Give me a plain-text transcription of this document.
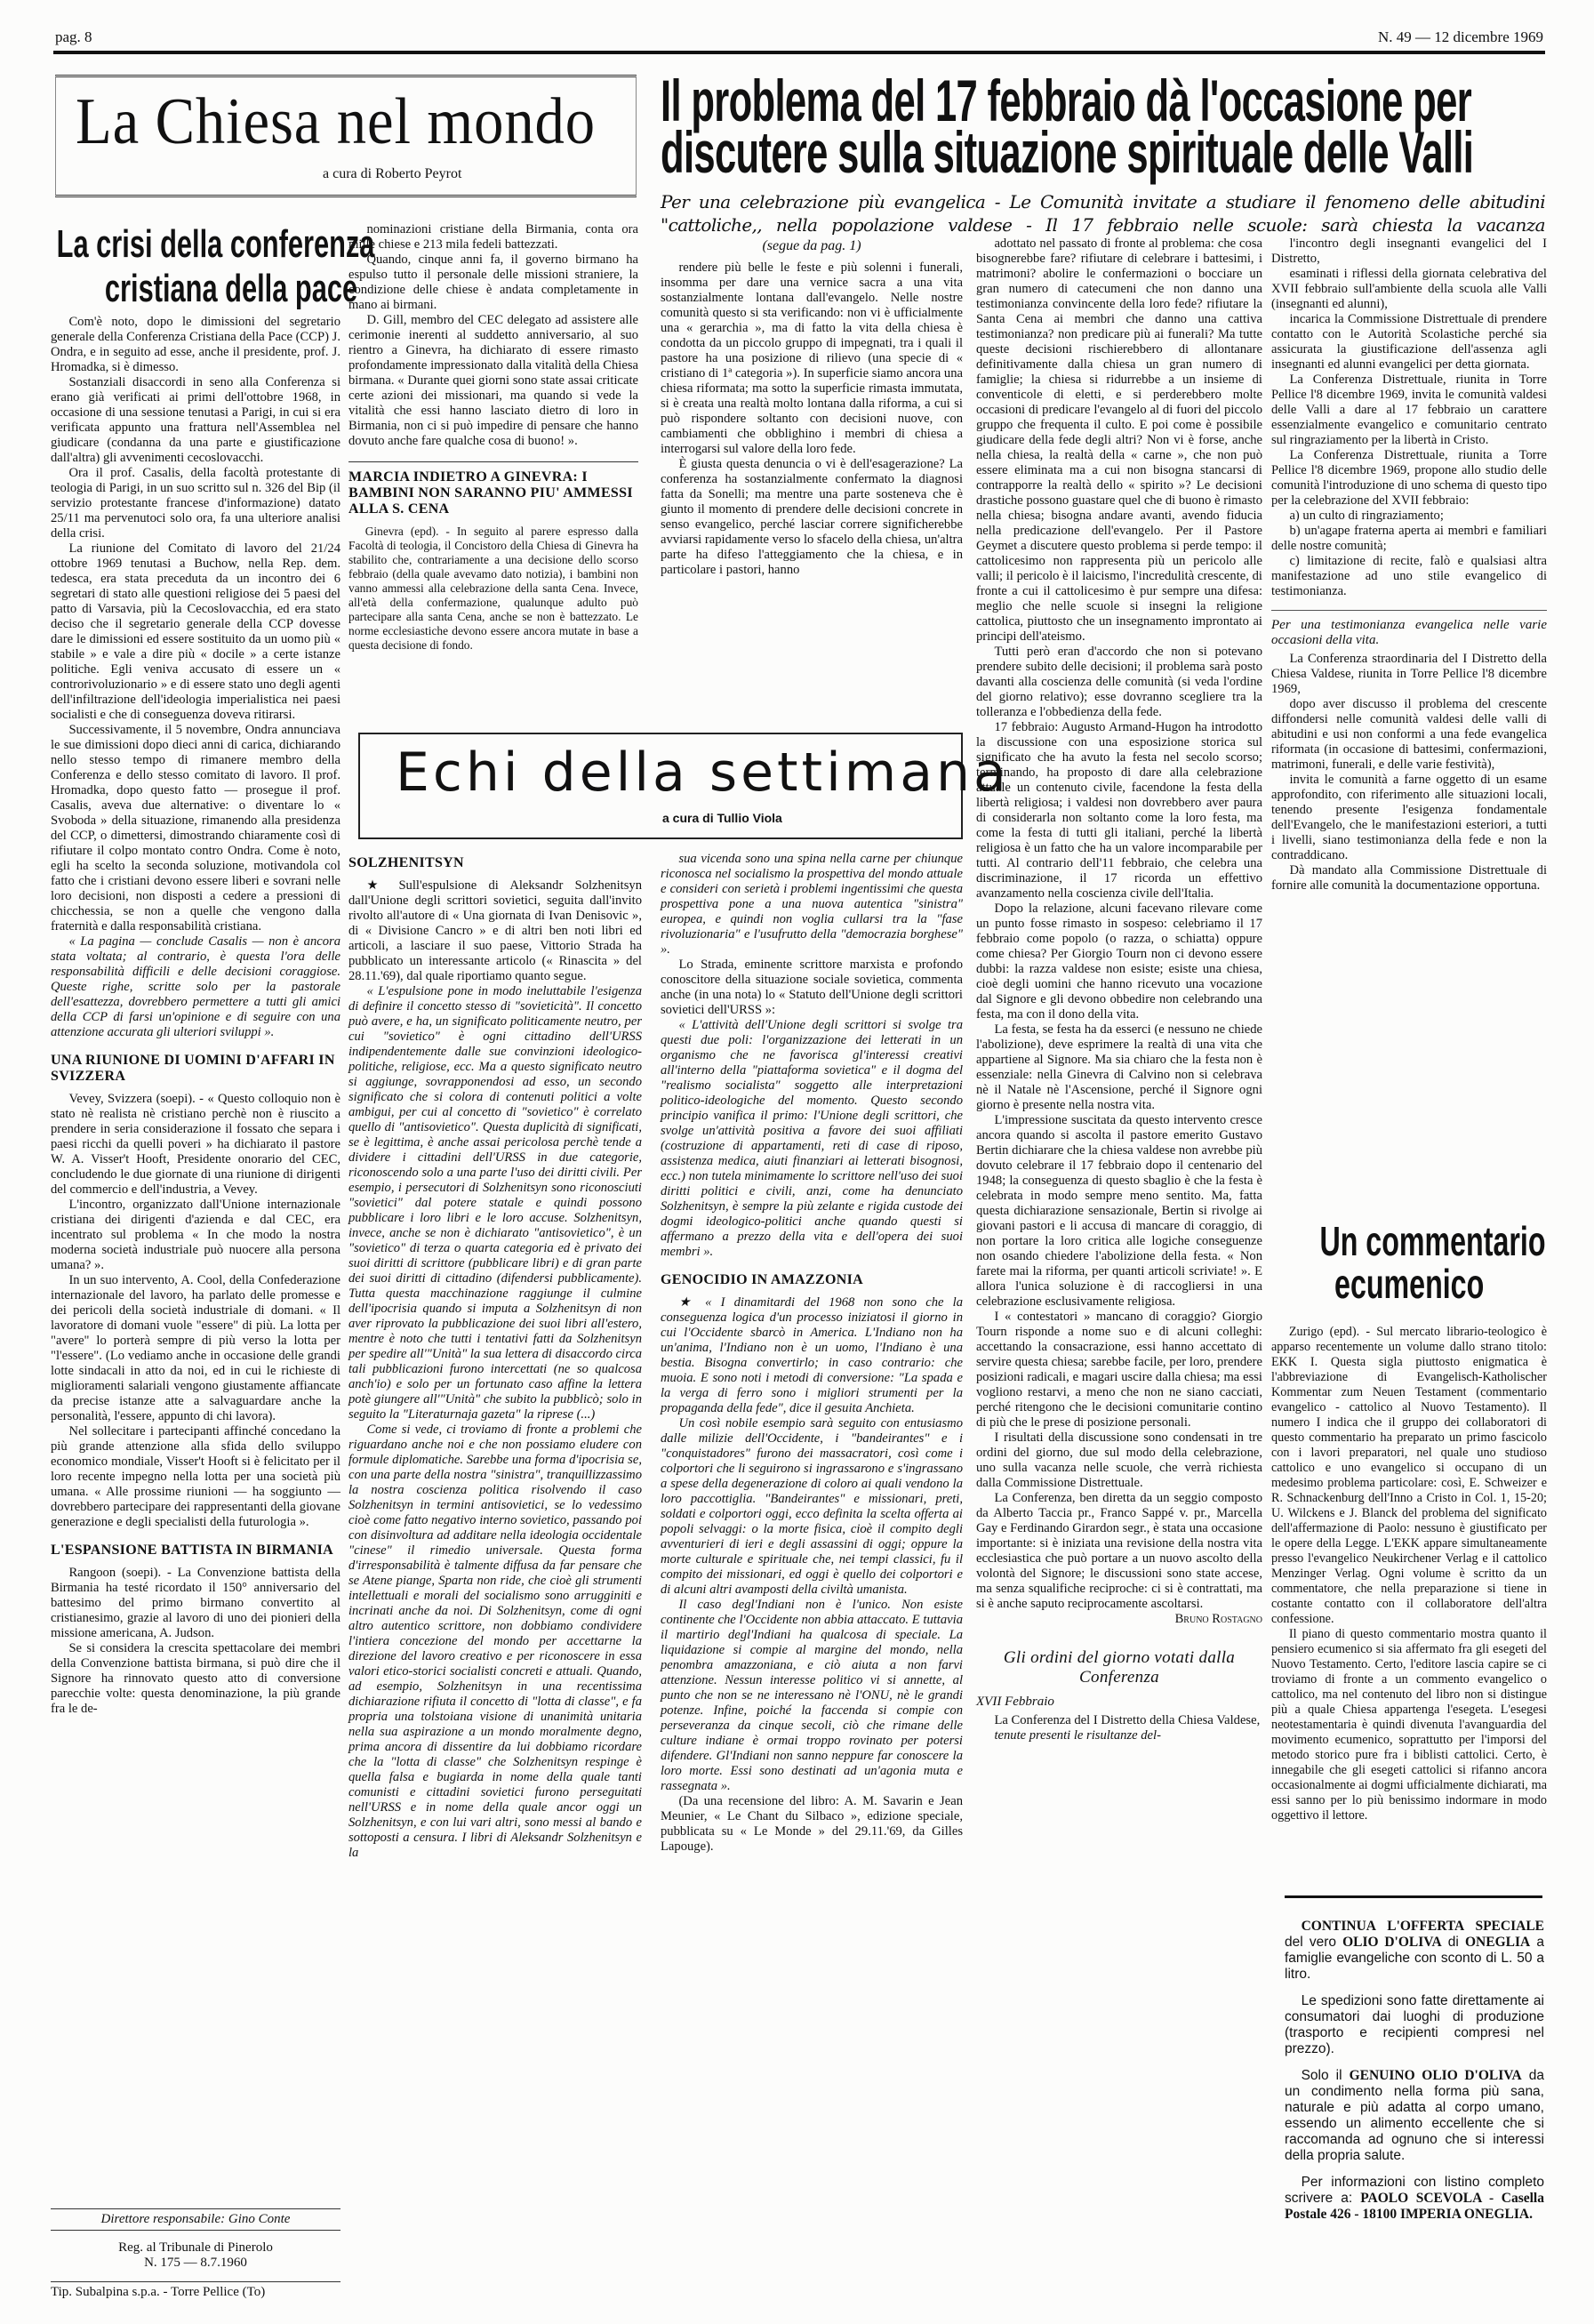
pag. 8	N. 49 — 12 dicembre 1969
La Chiesa nel mondo
a cura di Roberto Peyrot
Il problema del 17 febbraio dà l'occasione per
discutere sulla situazione spirituale delle Valli
Per una celebrazione più evangelica - Le Comunità invitate a studiare il fenomeno delle abitudini "cattoliche,, nella popolazione valdese - Il 17 febbraio nelle scuole: sarà chiesta la vacanza
La crisi della conferenza
cristiana della pace

Com'è noto, dopo le dimissioni del segretario generale della Conferenza Cristiana della Pace (CCP) J. Ondra, e in seguito ad esse, anche il presidente, prof. J. Hromadka, si è dimesso.

Sostanziali disaccordi in seno alla Conferenza si erano già verificati ai primi dell'ottobre 1968, in occasione di una sessione tenutasi a Parigi, in cui si era verificata appunto una frattura nell'Assemblea nel giudicare (condanna da una parte e giustificazione dall'altra) gli avvenimenti cecoslovacchi.

Ora il prof. Casalis, della facoltà protestante di teologia di Parigi, in un suo scritto sul n. 326 del Bip (il servizio protestante francese d'informazione) datato 25/11 ma pervenutoci solo ora, fa una ulteriore analisi della crisi.

La riunione del Comitato di lavoro del 21/24 ottobre 1969 tenutasi a Buchow, nella Rep. dem. tedesca, era stata preceduta da un incontro dei 6 segretari di stato alle questioni religiose dei 5 paesi del patto di Varsavia, più la Cecoslovacchia, ed era stato deciso che il segretario generale della CCP dovesse dare le dimissioni ed essere sostituito da un uomo più « stabile » e vale a dire più « docile » a certe istanze politiche. Egli veniva accusato di essere un « controrivoluzionario » e di essere stato uno degli agenti dell'infiltrazione dell'ideologia imperialistica nei paesi socialisti e che di conseguenza doveva ritirarsi.

Successivamente, il 5 novembre, Ondra annunciava le sue dimissioni dopo dieci anni di carica, dichiarando nello stesso tempo di rimanere membro della Conferenza e dello stesso comitato di lavoro. Il prof. Hromadka, dopo questo fatto — prosegue il prof. Casalis, aveva due alternative: o diventare lo « Svoboda » della situazione, rimanendo alla presidenza del CCP, o dimettersi, dimostrando chiaramente così di rifiutare il colpo montato contro Ondra. Come è noto, egli ha scelto la seconda soluzione, motivandola col fatto che i cristiani devono essere liberi e sovrani nelle loro decisioni, non disposti a cedere a pressioni di chicchessia, se non a quelle che vengono dalla fraternità e dalla responsabilità cristiana.

« La pagina — conclude Casalis — non è ancora stata voltata; al contrario, è questa l'ora delle responsabilità difficili e delle decisioni coraggiose. Queste righe, scritte solo per la pastorale dell'esattezza, dovrebbero permettere a tutti gli amici della CCP di farsi un'opinione e di seguire con una attenzione accurata gli ulteriori sviluppi ».

UNA RIUNIONE DI UOMINI D'AFFARI IN SVIZZERA

Vevey, Svizzera (soepi). - « Questo colloquio non è stato nè realista nè cristiano perchè non è riuscito a prendere in seria considerazione il fossato che separa i paesi ricchi da quelli poveri » ha dichiarato il pastore W. A. Visser't Hooft, Presidente onorario del CEC, concludendo le due giornate di una riunione di dirigenti del commercio e dell'industria, a Vevey.

L'incontro, organizzato dall'Unione internazionale cristiana dei dirigenti d'azienda e dal CEC, era incentrato sul problema « In che modo la nostra moderna società industriale può nuocere alla persona umana? ».

In un suo intervento, A. Cool, della Confederazione internazionale del lavoro, ha parlato delle promesse e dei pericoli della società industriale di domani. « Il lavoratore di domani vuole "essere" di più. La lotta per "avere" lo porterà sempre di più verso la lotta per "l'essere". (Lo vediamo anche in occasione delle grandi lotte sindacali in atto da noi, ed in cui le richieste di miglioramenti salariali vengono giustamente affiancate da precise istanze atte a salvaguardare anche la personalità, l'essere, appunto di chi lavora).

Nel sollecitare i partecipanti affinché concedano la più grande attenzione alla sfida dello sviluppo economico mondiale, Visser't Hooft si è felicitato per il loro recente impegno nella lotta per una società più umana. « Alle prossime riunioni — ha soggiunto — dovrebbero partecipare dei rappresentanti della giovane generazione e degli specialisti della futurologia ».

L'ESPANSIONE BATTISTA IN BIRMANIA

Rangoon (soepi). - La Convenzione battista della Birmania ha testé ricordato il 150° anniversario del battesimo del primo birmano convertito al cristianesimo, grazie al lavoro di uno dei pionieri della missione americana, A. Judson.

Se si considera la crescita spettacolare dei membri della Convenzione battista birmana, si può dire che il Signore ha rinnovato questo atto di conversione parecchie volte: questa denominazione, la più grande fra le de-

Direttore responsabile: Gino Conte
Reg. al Tribunale di Pinerolo
N. 175 — 8.7.1960
Tip. Subalpina s.p.a. - Torre Pellice (To)

nominazioni cristiane della Birmania, conta ora mille chiese e 213 mila fedeli battezzati.

Quando, cinque anni fa, il governo birmano ha espulso tutto il personale delle missioni straniere, la condizione delle chiese è andata completamente in mano ai birmani.

D. Gill, membro del CEC delegato ad assistere alle cerimonie inerenti al suddetto anniversario, al suo rientro a Ginevra, ha dichiarato di essere rimasto profondamente impressionato dalla vitalità della Chiesa birmana. « Durante quei giorni sono state assai criticate certe azioni dei missionari, ma quando si vede la vitalità che essi hanno lasciato dietro di loro in Birmania, non ci si può impedire di pensare che hanno dovuto anche fare qualche cosa di buono! ».

MARCIA INDIETRO A GINEVRA: I BAMBINI NON SARANNO PIU' AMMESSI ALLA S. CENA

Ginevra (epd). - In seguito al parere espresso dalla Facoltà di teologia, il Concistoro della Chiesa di Ginevra ha stabilito che, contrariamente a una decisione dello scorso febbraio (della quale avevamo dato notizia), i bambini non vanno ammessi alla celebrazione della santa Cena. Invece, all'età della confermazione, qualunque adulto può partecipare alla santa Cena, anche se non è battezzato. Le norme ecclesiastiche devono essere ancora mutate in base a questa decisione di fondo.

Echi della settimana
a cura di Tullio Viola
SOLZHENITSYN

★ Sull'espulsione di Aleksandr Solzhenitsyn dall'Unione degli scrittori sovietici, seguita dall'invito rivolto all'autore di « Una giornata di Ivan Denisovic », di « Divisione Cancro » e di altri ben noti libri ed articoli, a lasciare il suo paese, Vittorio Strada ha pubblicato un interessante articolo (« Rinascita » del 28.11.'69), dal quale riportiamo quanto segue.

« L'espulsione pone in modo ineluttabile l'esigenza di definire il concetto stesso di "sovieticità". Il concetto può avere, e ha, un significato politicamente neutro, per cui "sovietico" è ogni cittadino dell'URSS indipendentemente dalle sue convinzioni ideologico-politiche, religiose, ecc. Ma a questo significato neutro si aggiunge, sovrapponendosi ad esso, un secondo significato che si colora di contenuti politici a volte ambigui, per cui al concetto di "sovietico" è correlato quello di "antisovietico". Questa duplicità di significati, se è legittima, è anche assai pericolosa perchè tende a dividere i cittadini dell'URSS in due categorie, riconoscendo solo a una parte l'uso dei diritti civili. Per esempio, i persecutori di Solzhenitsyn sono riconosciuti "sovietici" dal potere statale e quindi possono pubblicare i loro libri e le loro accuse. Solzhenitsyn, invece, anche se non è dichiarato "antisovietico", è un "sovietico" di terza o quarta categoria ed è privato dei suoi diritti di scrittore (pubblicare libri) e di gran parte dei suoi diritti di cittadino (difendersi pubblicamente). Tutta questa macchinazione raggiunge il culmine dell'ipocrisia quando si imputa a Solzhenitsyn di non aver riprovato la pubblicazione dei suoi libri all'estero, mentre è noto che tutti i tentativi fatti da Solzhenitsyn per spedire all'"Unità" la sua lettera di disaccordo circa tali pubblicazioni furono intercettati (ne so qualcosa anch'io) e solo per un fortunato caso affine la lettera potè giungere all'"Unità" che subito la pubblicò; solo in seguito la "Literaturnaja gazeta" la riprese (...)

Come si vede, ci troviamo di fronte a problemi che riguardano anche noi e che non possiamo eludere con formule diplomatiche. Sarebbe una forma d'ipocrisia se, con una parte della nostra "sinistra", tranquillizzassimo la nostra coscienza politica risolvendo il caso Solzhenitsyn in termini antisovietici, se lo vedessimo cioè come fatto negativo interno sovietico, passando poi con disinvoltura ad additare nella ideologia occidentale "cinese" il rimedio universale. Questa forma d'irresponsabilità è talmente diffusa da far pensare che se Atene piange, Sparta non ride, che cioè gli strumenti intellettuali e morali del socialismo sono arrugginiti e incrinati anche da noi. Di Solzhenitsyn, come di ogni altro autentico scrittore, non dobbiamo condividere l'intiera concezione del mondo per accettarne la direzione del lavoro creativo e per riconoscere in essa valori etico-storici socialisti concreti e attuali. Quando, ad esempio, Solzhenitsyn in una recentissima dichiarazione rifiuta il concetto di "lotta di classe", e fa propria una tolstoiana visione di unanimità unitaria nella sua aspirazione a un mondo moralmente degno, prima ancora di dissentire da lui dobbiamo ricordare che la "lotta di classe" che Solzhenitsyn respinge è quella falsa e bugiarda in nome della quale tanti comunisti e cittadini sovietici furono perseguitati nell'URSS e in nome della quale ancor oggi un Solzhenitsyn, e con lui vari altri, sono messi al bando e sottoposti a censura. I libri di Aleksandr Solzhenitsyn e la

(segue da pag. 1)

rendere più belle le feste e più solenni i funerali, insomma per dare una vernice sacra a una vita sostanzialmente lontana dall'evangelo. Nelle nostre comunità questo si sta verificando: non vi è ufficialmente una « gerarchia », ma di fatto la vita della chiesa è condotta da un piccolo gruppo di impegnati, tra i quali il pastore ha una posizione di rilievo (una specie di « cristiano di 1ª categoria »). In superficie siamo ancora una chiesa riformata; ma sotto la superficie rimasta immutata, si è creata una realtà molto lontana dalla riforma, a cui si può rispondere soltanto con decisioni nuove, con cambiamenti che obblighino i membri di chiesa a interrogarsi sul valore della loro fede.

È giusta questa denuncia o vi è dell'esagerazione? La conferenza ha sostanzialmente confermato la diagnosi fatta da Sonelli; ma mentre una parte sosteneva che è giunto il momento di prendere delle decisioni concrete in senso evangelico, perché lasciar correre significherebbe avviarsi rapidamente verso lo sfacelo della chiesa, un'altra parte ha difeso l'atteggiamento che la chiesa, e in particolare i pastori, hanno

sua vicenda sono una spina nella carne per chiunque riconosca nel socialismo la prospettiva del mondo attuale e consideri con serietà i problemi ingentissimi che questa prospettiva pone a una nuova autentica "sinistra" europea, e quindi non voglia cullarsi tra la "fase rivoluzionaria" e l'usufrutto della "democrazia borghese" ».

Lo Strada, eminente scrittore marxista e profondo conoscitore della situazione sociale sovietica, commenta anche (in una nota) lo « Statuto dell'Unione degli scrittori sovietici dell'URSS »:

« L'attività dell'Unione degli scrittori si svolge tra questi due poli: l'organizzazione dei letterati in un organismo che ne favorisca gl'interessi creativi all'interno della "piattaforma sovietica" e il dogma del "realismo socialista" soggetto alle interpretazioni politico-ideologiche del momento. Questo secondo principio vanifica il primo: l'Unione degli scrittori, che svolge un'attività positiva a favore dei suoi affiliati (costruzione di appartamenti, reti di case di riposo, assistenza medica, aiuti finanziari ai letterati bisognosi, ecc.) non tutela minimamente lo scrittore nell'uso dei suoi diritti politici e civili, anzi, come ha denunciato Solzhenitsyn, è sempre la più zelante e rigida custode dei dogmi ideologico-politici anche quando questi si affermano a prezzo della vita e dell'opera dei suoi membri ».

GENOCIDIO IN AMAZZONIA

★ « I dinamitardi del 1968 non sono che la conseguenza logica d'un processo iniziatosi il giorno in cui l'Occidente sbarcò in America. L'Indiano non ha un'anima, l'Indiano non è un uomo, l'Indiano è una bestia. Bisogna convertirlo; in caso contrario: che muoia. E sono noti i metodi di conversione: "La spada e la verga di ferro sono i migliori strumenti per la propaganda della fede", dice il gesuita Anchieta.

Un così nobile esempio sarà seguito con entusiasmo dalle milizie dell'Occidente, i "bandeirantes" e i "conquistadores" furono dei massacratori, così come i colportori che li seguirono si ingrassarono e s'ingrassano a spese della degenerazione di coloro ai quali vendono la loro paccottiglia. "Bandeirantes" e missionari, preti, soldati e colportori oggi, ecco definita la scelta offerta ai popoli selvaggi: o la morte fisica, cioè il compito degli avventurieri di ieri e degli assassini di oggi; oppure la morte culturale e spirituale che, nei tempi classici, fu il compito dei missionari, ed oggi è quello dei colportori e di alcuni altri avamposti della civiltà umanista.

Il caso degl'Indiani non è l'unico. Non esiste continente che l'Occidente non abbia attaccato. E tuttavia il martirio degl'Indiani ha qualcosa di speciale. La liquidazione si compie al margine del mondo, nella penombra amazzoniana, e ciò aiuta a non farvi attenzione. Nessun interesse politico vi si annette, al punto che non se ne interessano nè l'ONU, nè le grandi potenze. Infine, poiché la faccenda si compie con perseveranza da cinque secoli, ciò che rimane delle culture indiane è ormai troppo rovinato per potersi difendere. Gl'Indiani non sanno neppure far conoscere la loro morte. Essi sono destinati ad un'agonia muta e rassegnata ».

(Da una recensione del libro: A. M. Savarin e Jean Meunier, « Le Chant du Silbaco », edizione speciale, pubblicata su « Le Monde » del 29.11.'69, da Gilles Lapouge).

adottato nel passato di fronte al problema: che cosa bisognerebbe fare? rifiutare di celebrare i battesimi, i matrimoni? abolire le confermazioni o bocciare un gran numero di catecumeni che non danno una testimonianza convincente della loro fede? rifiutare la Santa Cena ai membri che danno una cattiva testimonianza? non predicare più ai funerali? Ma tutte queste decisioni rischierebbero di allontanare definitivamente dalla chiesa un gran numero di famiglie; la chiesa si ridurrebbe a un insieme di conventicole di eletti, e si perderebbero molte occasioni di predicare l'evangelo al di fuori del piccolo gruppo che frequenta il culto. E poi come è possibile giudicare della fede degli altri? Non vi è forse, anche nella chiesa, la realtà della « carne », che non può essere eliminata ma a cui non bisogna stancarsi di contrapporre la realtà dello « spirito »? Le decisioni drastiche possono guastare quel che di buono è rimasto nella chiesa; bisogna andare avanti, avendo fiducia nella predicazione dell'evangelo. Per il Pastore Geymet a discutere questo problema si perde tempo: il cattolicesimo non rappresenta più un pericolo alle valli; il pericolo è il laicismo, l'incredulità crescente, di fronte a cui il cattolicesimo è pur sempre una difesa: meglio che nelle scuole si insegni la religione cattolica, piuttosto che un insegnamento improntato ai principi dell'ateismo.

Tutti però eran d'accordo che non si potevano prendere subito delle decisioni; il problema sarà posto davanti alla coscienza delle comunità (si veda l'ordine del giorno relativo); esse dovranno scegliere tra la tolleranza e l'obbedienza della fede.

17 febbraio: Augusto Armand-Hugon ha introdotto la discussione con una esposizione storica sul significato che ha avuto la festa nel secolo scorso; terminando, ha proposto di dare alla celebrazione attuale un contenuto civile, facendone la festa della libertà religiosa; i valdesi non dovrebbero aver paura di considerarla non soltanto come la loro festa, ma come la festa di tutti gli italiani, perché la libertà religiosa è un fatto che ha un valore incomparabile per tutti. Al contrario dell'11 febbraio, che celebra una discriminazione, il 17 ricorda un effettivo avanzamento nella coscienza civile dell'Italia.

Dopo la relazione, alcuni facevano rilevare come un punto fosse rimasto in sospeso: celebriamo il 17 febbraio come popolo (o razza, o schiatta) oppure come chiesa? Per Giorgio Tourn non ci devono essere dubbi: la razza valdese non esiste; esiste una chiesa, cioè degli uomini che hanno ricevuto una vocazione dal Signore e gli devono obbedire non celebrando una festa, ma con il dono della vita.

La festa, se festa ha da esserci (e nessuno ne chiede l'abolizione), deve esprimere la realtà di una vita che appartiene al Signore. Ma sia chiaro che la festa non è essenziale: nella Ginevra di Calvino non si celebrava nè il Natale nè l'Ascensione, perché il Signore ogni giorno è presente nella nostra vita.

L'impressione suscitata da questo intervento cresce ancora quando si ascolta il pastore emerito Gustavo Bertin dichiarare che la chiesa valdese non avrebbe più dovuto celebrare il 17 febbraio dopo il centenario del 1948; la conseguenza di questo sbaglio è che la festa è celebrata in modo sempre meno sentito. Ma, fatta questa dichiarazione sensazionale, Bertin si rivolge ai giovani pastori e li accusa di mancare di coraggio, di non portare la loro critica alle logiche conseguenze non osando chiedere l'abolizione della festa. « Non farete mai la riforma, per quanti articoli scriviate! ». E allora l'unica soluzione è di raccogliersi in una celebrazione esclusivamente religiosa.

I « contestatori » mancano di coraggio? Giorgio Tourn risponde a nome suo e di alcuni colleghi: accettando la consacrazione, essi hanno accettato di servire questa chiesa; sarebbe facile, per loro, prendere posizioni radicali, e magari uscire dalla chiesa; ma essi vogliono restarvi, a meno che non ne siano cacciati, perché ritengono che le decisioni comunitarie contino di più che le prese di posizione personali.

I risultati della discussione sono condensati in tre ordini del giorno, due sul modo della celebrazione, uno sulla vacanza nelle scuole, che verrà richiesta dalla Commissione Distrettuale.

La Conferenza, ben diretta da un seggio composto da Alberto Taccia pr., Franco Sappé v. pr., Marcella Gay e Ferdinando Girardon segr., è stata una occasione importante: si è iniziata una revisione della nostra vita ecclesiastica che può portare a un nuovo ascolto della volontà del Signore; le discussioni sono state accese, ma senza squalifiche reciproche: ci si è contrattati, ma si è anche saputo reciprocamente ascoltarsi.

Bruno Rostagno

Gli ordini del giorno votati dalla Conferenza
XVII Febbraio

La Conferenza del I Distretto della Chiesa Valdese,

tenute presenti le risultanze del-

l'incontro degli insegnanti evangelici del I Distretto,

esaminati i riflessi della giornata celebrativa del XVII febbraio sull'ambiente della scuola alle Valli (insegnanti ed alunni),

incarica la Commissione Distrettuale di prendere contatto con le Autorità Scolastiche perché sia assicurata la giustificazione dell'assenza agli insegnanti ed alunni evangelici per detta giornata.

La Conferenza Distrettuale, riunita in Torre Pellice l'8 dicembre 1969, invita le comunità valdesi delle Valli a dare al 17 febbraio un carattere essenzialmente evangelico e comunitario centrato sul ringraziamento per la libertà in Cristo.

La Conferenza Distrettuale, riunita a Torre Pellice l'8 dicembre 1969, propone allo studio delle comunità l'introduzione di uno schema di questo tipo per la celebrazione del XVII febbraio:

a) un culto di ringraziamento;

b) un'agape fraterna aperta ai membri e familiari delle nostre comunità;

c) limitazione di recite, falò e qualsiasi altra manifestazione ad uno stile evangelico di testimonianza.

Per una testimonianza evangelica nelle varie occasioni della vita.

La Conferenza straordinaria del I Distretto della Chiesa Valdese, riunita in Torre Pellice l'8 dicembre 1969,

dopo aver discusso il problema del crescente diffondersi nelle comunità valdesi delle valli di abitudini e usi non conformi a una fede evangelica riformata (in occasione di battesimi, confermazioni, matrimoni, funerali, e delle varie festività),

invita le comunità a farne oggetto di un esame approfondito, con riferimento alle situazioni locali, tenendo presente l'esigenza fondamentale dell'Evangelo, che le manifestazioni esteriori, a tutti i livelli, siano testimonianza della fede e non la contraddicano.

Dà mandato alla Commissione Distrettuale di fornire alle comunità la documentazione opportuna.

Un commentario
ecumenico

Zurigo (epd). - Sul mercato librario-teologico è apparso recentemente un volume dallo strano titolo: EKK I. Questa sigla piuttosto enigmatica è l'abbreviazione di Evangelisch-Katholischer Kommentar zum Neuen Testament (commentario evangelico - cattolico al Nuovo Testamento). Il numero I indica che il gruppo dei collaboratori di questo commentario ha preparato un primo fascicolo con i lavori preparatori, nel quale uno studioso cattolico e uno evangelico si occupano di un medesimo problema particolare: così, E. Schweizer e R. Schnackenburg dell'Inno a Cristo in Col. 1, 15-20; U. Wilckens e J. Blanck del problema del significato dell'affermazione di Paolo: nessuno è giustificato per le opere della Legge. L'EKK appare simultaneamente presso l'evangelico Neukirchener Verlag e il cattolico Menzinger Verlag. Ogni volume è scritto da un commentatore, che nella preparazione si tiene in costante contatto con il collaboratore dell'altra confessione.

Il piano di questo commentario mostra quanto il pensiero ecumenico si sia affermato fra gli esegeti del Nuovo Testamento. Certo, l'editore lascia capire se ci troviamo di fronte a un commento evangelico o cattolico, ma nel contenuto del libro non si distingue più a quale Chiesa appartenga l'esegeta. L'esegesi neotestamentaria è quindi divenuta l'avanguardia del movimento ecumenico, soprattutto per l'imporsi del metodo storico pure fra i biblisti cattolici. Certo, è innegabile che gli esegeti cattolici si rifanno ancora occasionalmente ai dogmi ufficialmente dichiarati, ma essi sanno per lo più benissimo indormare in modo oggettivo il lettore.

CONTINUA L'OFFERTA SPECIALE del vero OLIO D'OLIVA di ONEGLIA a famiglie evangeliche con sconto di L. 50 a litro.

Le spedizioni sono fatte direttamente ai consumatori dai luoghi di produzione (trasporto e recipienti compresi nel prezzo).

Solo il GENUINO OLIO D'OLIVA da un condimento nella forma più sana, naturale e più adatta al corpo umano, essendo un alimento eccellente che si raccomanda ad ognuno che si interessi della propria salute.

Per informazioni con listino completo scrivere a: PAOLO SCEVOLA - Casella Postale 426 - 18100 IMPERIA ONEGLIA.
